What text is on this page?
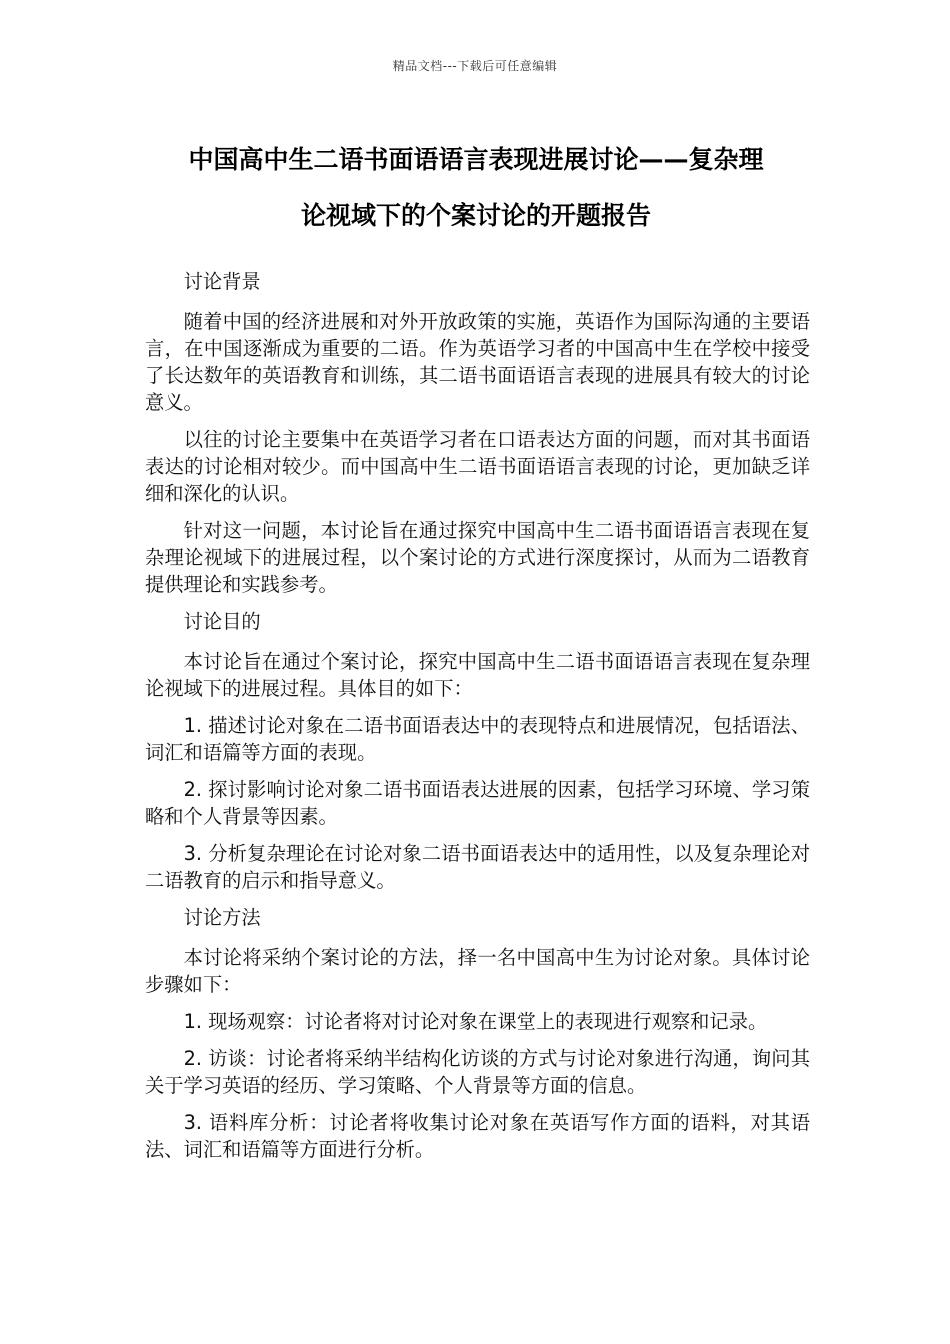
精品文档---下载后可任意编辑
中国高中生二语书面语语言表现进展讨论——复杂理
论视域下的个案讨论的开题报告

讨论背景

随着中国的经济进展和对外开放政策的实施，英语作为国际沟通的主要语言，在中国逐渐成为重要的二语。作为英语学习者的中国高中生在学校中接受了长达数年的英语教育和训练，其二语书面语语言表现的进展具有较大的讨论意义。

以往的讨论主要集中在英语学习者在口语表达方面的问题，而对其书面语表达的讨论相对较少。而中国高中生二语书面语语言表现的讨论，更加缺乏详细和深化的认识。

针对这一问题，本讨论旨在通过探究中国高中生二语书面语语言表现在复杂理论视域下的进展过程，以个案讨论的方式进行深度探讨，从而为二语教育提供理论和实践参考。

讨论目的

本讨论旨在通过个案讨论，探究中国高中生二语书面语语言表现在复杂理论视域下的进展过程。具体目的如下：

1. 描述讨论对象在二语书面语表达中的表现特点和进展情况，包括语法、词汇和语篇等方面的表现。

2. 探讨影响讨论对象二语书面语表达进展的因素，包括学习环境、学习策略和个人背景等因素。

3. 分析复杂理论在讨论对象二语书面语表达中的适用性，以及复杂理论对二语教育的启示和指导意义。

讨论方法

本讨论将采纳个案讨论的方法，择一名中国高中生为讨论对象。具体讨论步骤如下：

1. 现场观察：讨论者将对讨论对象在课堂上的表现进行观察和记录。

2. 访谈：讨论者将采纳半结构化访谈的方式与讨论对象进行沟通，询问其关于学习英语的经历、学习策略、个人背景等方面的信息。

3. 语料库分析：讨论者将收集讨论对象在英语写作方面的语料，对其语法、词汇和语篇等方面进行分析。
